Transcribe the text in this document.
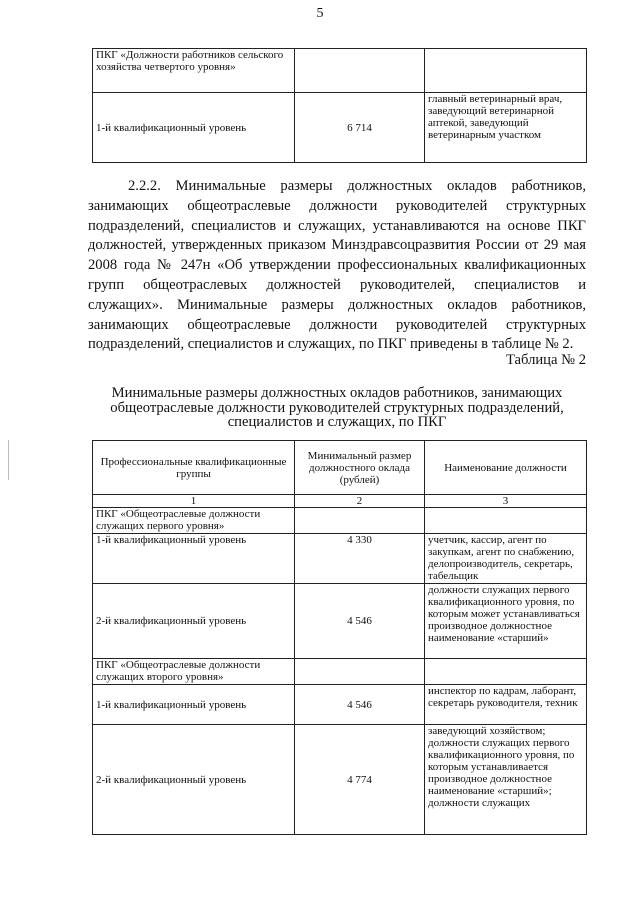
5
ПКГ «Должности работников сельского хозяйства четвертого уровня»		
1-й квалификационный уровень	6 714	главный ветеринарный врач, заведующий ветеринарной аптекой, заведующий ветеринарным участком
2.2.2. Минимальные размеры должностных окладов работников, занимающих общеотраслевые должности руководителей структурных подразделений, специалистов и служащих, устанавливаются на основе ПКГ должностей, утвержденных приказом Минздравсоцразвития России от 29 мая 2008 года № 247н «Об утверждении профессиональных квалификационных групп общеотраслевых должностей руководителей, специалистов и служащих». Минимальные размеры должностных окладов работников, занимающих общеотраслевые должности руководителей структурных подразделений, специалистов и служащих, по ПКГ приведены в таблице № 2.
Таблица № 2
Минимальные размеры должностных окладов работников, занимающих общеотраслевые должности руководителей структурных подразделений, специалистов и служащих, по ПКГ
Профессиональные квалификационные группы	Минимальный размер должностного оклада (рублей)	Наименование должности
1	2	3
ПКГ «Общеотраслевые должности служащих первого уровня»		
1-й квалификационный уровень	4 330	учетчик, кассир, агент по закупкам, агент по снабжению, делопроизводитель, секретарь, табельщик
2-й квалификационный уровень	4 546	должности служащих первого квалификационного уровня, по которым может устанавливаться производное должностное наименование «старший»
ПКГ «Общеотраслевые должности служащих второго уровня»		
1-й квалификационный уровень	4 546	инспектор по кадрам, лаборант, секретарь руководителя, техник
2-й квалификационный уровень	4 774	заведующий хозяйством; должности служащих первого квалификационного уровня, по которым устанавливается производное должностное наименование «старший»; должности служащих
